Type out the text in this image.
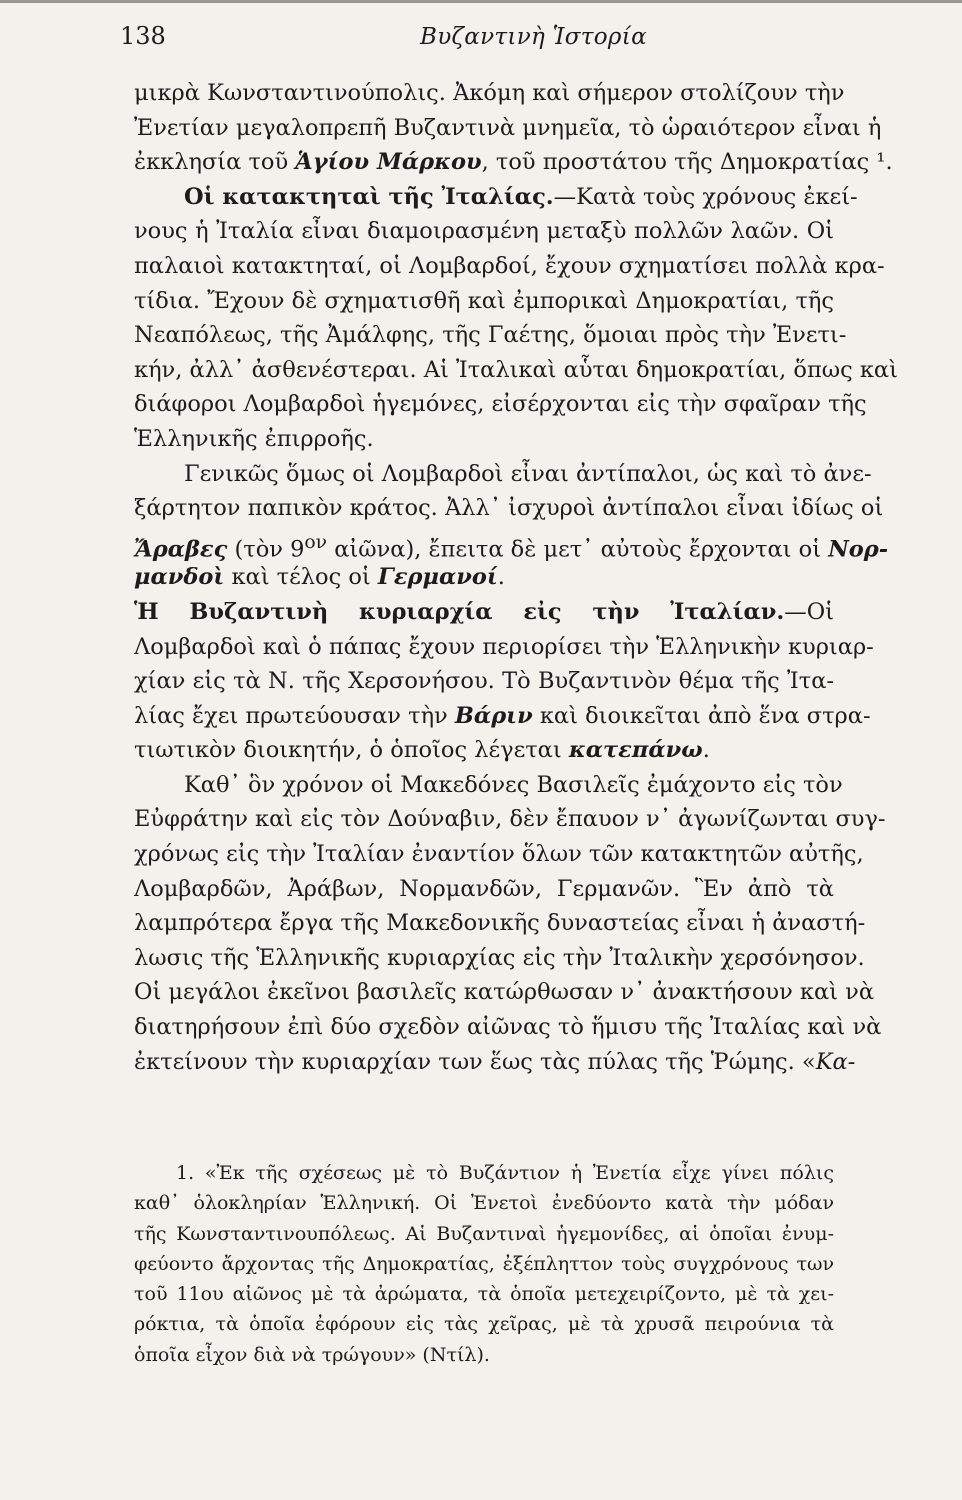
138	Βυζαντινὴ Ἱστορία
μικρὰ Κωνσταντινούπολις. Ἀκόμη καὶ σήμερον στολίζουν τὴν
Ἐνετίαν μεγαλοπρεπῆ Βυζαντινὰ μνημεῖα, τὸ ὡραιότερον εἶναι ἡ
ἐκκλησία τοῦ Ἁγίου Μάρκου, τοῦ προστάτου τῆς Δημοκρατίας ¹.
Οἱ κατακτηταὶ τῆς Ἰταλίας.—Κατὰ τοὺς χρόνους ἐκεί-
νους ἡ Ἰταλία εἶναι διαμοιρασμένη μεταξὺ πολλῶν λαῶν. Οἱ
παλαιοὶ κατακτηταί, οἱ Λομβαρδοί, ἔχουν σχηματίσει πολλὰ κρα-
τίδια. Ἔχουν δὲ σχηματισθῆ καὶ ἐμπορικαὶ Δημοκρατίαι, τῆς
Νεαπόλεως, τῆς Ἀμάλφης, τῆς Γαέτης, ὅμοιαι πρὸς τὴν Ἐνετι-
κήν, ἀλλ᾿ ἀσθενέστεραι. Αἱ Ἰταλικαὶ αὗται δημοκρατίαι, ὅπως καὶ
διάφοροι Λομβαρδοὶ ἡγεμόνες, εἰσέρχονται εἰς τὴν σφαῖραν τῆς
Ἑλληνικῆς ἐπιρροῆς.
Γενικῶς ὅμως οἱ Λομβαρδοὶ εἶναι ἀντίπαλοι, ὡς καὶ τὸ ἀνε-
ξάρτητον παπικὸν κράτος. Ἀλλ᾿ ἰσχυροὶ ἀντίπαλοι εἶναι ἰδίως οἱ
Ἄραβες (τὸν $9^{o\nu}$ αἰῶνα), ἔπειτα δὲ μετ᾿ αὐτοὺς ἔρχονται οἱ Νορ-
μανδοὶ καὶ τέλος οἱ Γερμανοί.
Ἡ Βυζαντινὴ κυριαρχία εἰς τὴν Ἰταλίαν.—Οἱ
Λομβαρδοὶ καὶ ὁ πάπας ἔχουν περιορίσει τὴν Ἑλληνικὴν κυριαρ-
χίαν εἰς τὰ Ν. τῆς Χερσονήσου. Τὸ Βυζαντινὸν θέμα τῆς Ἰτα-
λίας ἔχει πρωτεύουσαν τὴν Βάριν καὶ διοικεῖται ἀπὸ ἕνα στρα-
τιωτικὸν διοικητήν, ὁ ὁποῖος λέγεται κατεπάνω.
Καθ᾿ ὃν χρόνον οἱ Μακεδόνες Βασιλεῖς ἐμάχοντο εἰς τὸν
Εὐφράτην καὶ εἰς τὸν Δούναβιν, δὲν ἔπαυον ν᾿ ἀγωνίζωνται συγ-
χρόνως εἰς τὴν Ἰταλίαν ἐναντίον ὅλων τῶν κατακτητῶν αὐτῆς,
Λομβαρδῶν, Ἀράβων, Νορμανδῶν, Γερμανῶν. Ἓν ἀπὸ τὰ
λαμπρότερα ἔργα τῆς Μακεδονικῆς δυναστείας εἶναι ἡ ἀναστή-
λωσις τῆς Ἑλληνικῆς κυριαρχίας εἰς τὴν Ἰταλικὴν χερσόνησον.
Οἱ μεγάλοι ἐκεῖνοι βασιλεῖς κατώρθωσαν ν᾿ ἀνακτήσουν καὶ νὰ
διατηρήσουν ἐπὶ δύο σχεδὸν αἰῶνας τὸ ἥμισυ τῆς Ἰταλίας καὶ νὰ
ἐκτείνουν τὴν κυριαρχίαν των ἕως τὰς πύλας τῆς Ῥώμης. «Κα-
1. «Ἐκ τῆς σχέσεως μὲ τὸ Βυζάντιον ἡ Ἐνετία εἶχε γίνει πόλις
καθ᾿ ὁλοκληρίαν Ἑλληνική. Οἱ Ἐνετοὶ ἐνεδύοντο κατὰ τὴν μόδαν
τῆς Κωνσταντινουπόλεως. Αἱ Βυζαντιναὶ ἡγεμονίδες, αἱ ὁποῖαι ἐνυμ-
φεύοντο ἄρχοντας τῆς Δημοκρατίας, ἐξέπληττον τοὺς συγχρόνους των
τοῦ 11ου αἰῶνος μὲ τὰ ἀρώματα, τὰ ὁποῖα μετεχειρίζοντο, μὲ τὰ χει-
ρόκτια, τὰ ὁποῖα ἐφόρουν εἰς τὰς χεῖρας, μὲ τὰ χρυσᾶ πειρούνια τὰ
ὁποῖα εἶχον διὰ νὰ τρώγουν» (Ντίλ).
